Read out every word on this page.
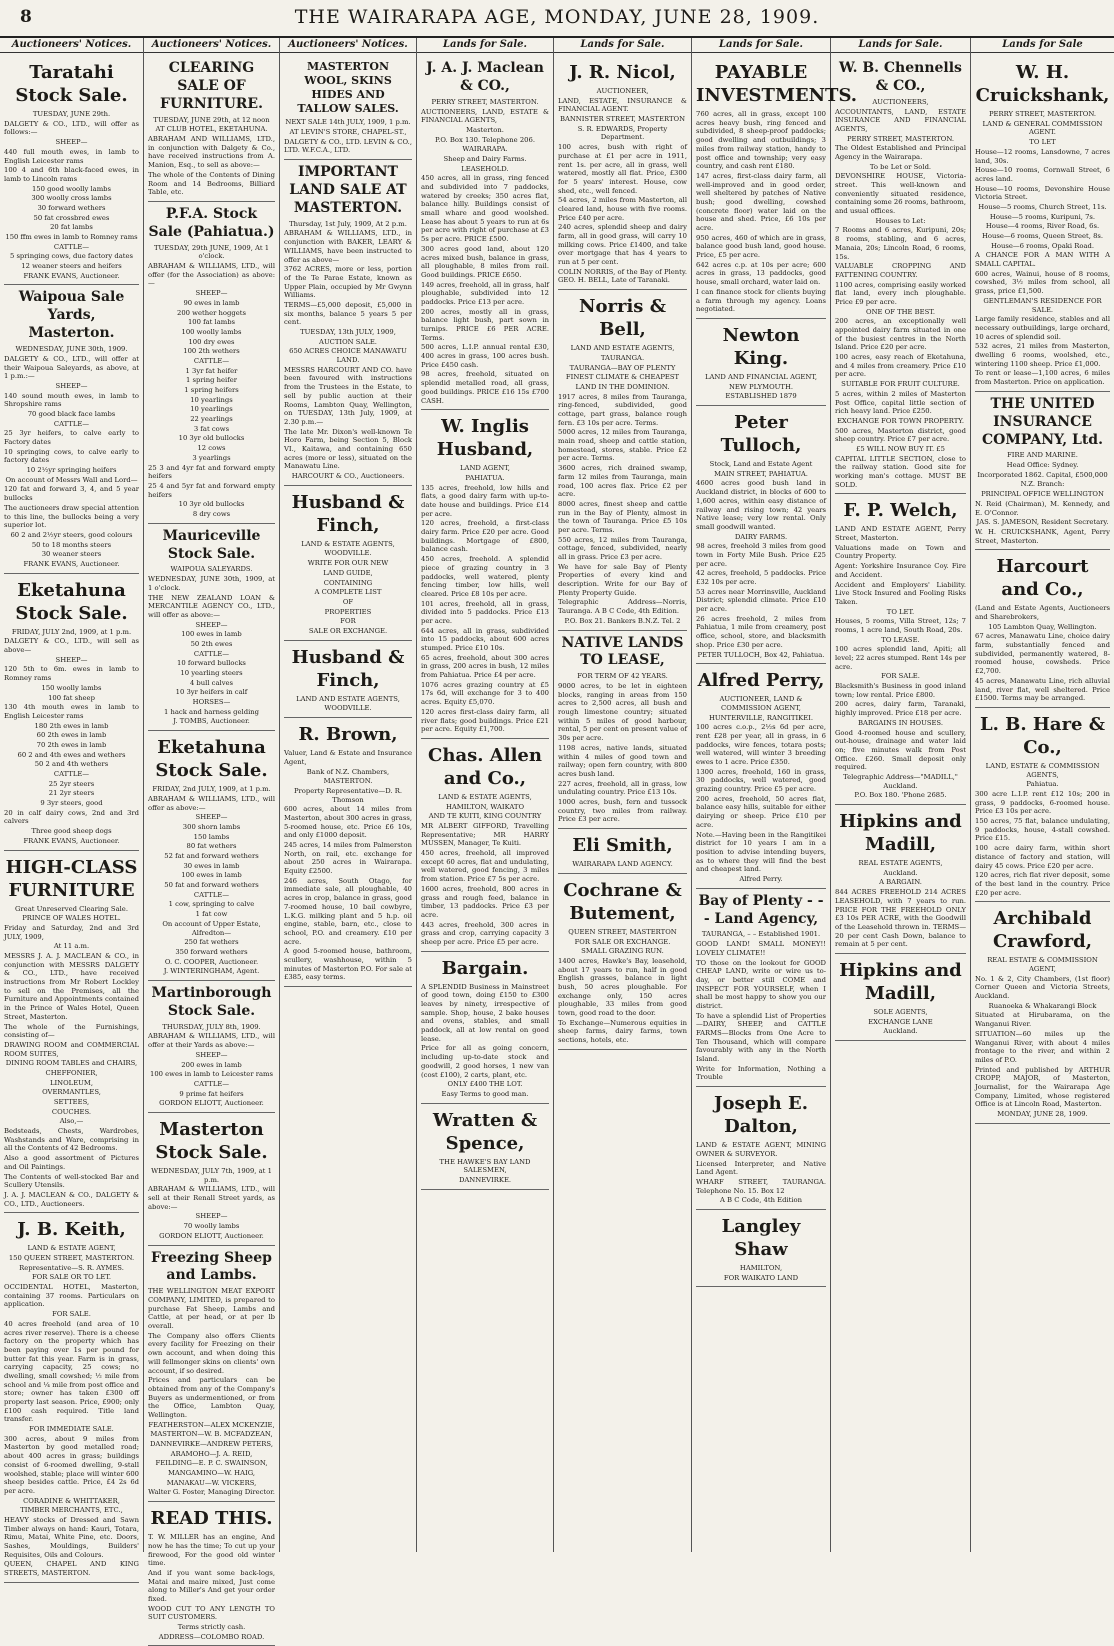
8	THE WAIRARAPA AGE, MONDAY, JUNE 28, 1909.
Auctioneers' Notices.
Taratahi Stock Sale.

TUESDAY, JUNE 29th.

DALGETY & CO., LTD., will offer as follows:—

SHEEP—

440 full mouth ewes, in lamb to English Leicester rams

100 4 and 6th black-faced ewes, in lamb to Lincoln rams

150 good woolly lambs

300 woolly cross lambs

30 forward wethers

50 fat crossbred ewes

20 fat lambs

150 ffm ewes in lamb to Romney rams

CATTLE—

5 springing cows, due factory dates

12 weaner steers and heifers

FRANK EVANS, Auctioneer.

Waipoua Sale Yards, Masterton.

WEDNESDAY, JUNE 30th, 1909.

DALGETY & CO., LTD., will offer at their Waipoua Saleyards, as above, at 1 p.m.:—

SHEEP—

140 sound mouth ewes, in lamb to Shropshire rams

70 good black face lambs

CATTLE—

25 3yr heifers, to calve early to Factory dates

10 springing cows, to calve early to factory dates

10 2½yr springing heifers

On account of Messrs Wall and Lord—

120 fat and forward 3, 4, and 5 year bullocks

The auctioneers draw special attention to this line, the bullocks being a very superior lot.

60 2 and 2½yr steers, good colours

50 to 18 months steers

30 weaner steers

FRANK EVANS, Auctioneer.

Eketahuna Stock Sale.

FRIDAY, JULY 2nd, 1909, at 1 p.m.

DALGETY & CO., LTD., will sell as above—

SHEEP—

120 5th to 6m. ewes in lamb to Romney rams

150 woolly lambs

100 fat sheep

130 4th mouth ewes in lamb to English Leicester rams

180 2th ewes in lamb

60 2th ewes in lamb

70 2th ewes in lamb

60 2 and 4th ewes and wethers

50 2 and 4th wethers

CATTLE—

25 2yr steers

21 2yr steers

9 3yr steers, good

20 in calf dairy cows, 2nd and 3rd calvers

Three good sheep dogs

FRANK EVANS, Auctioneer.

HIGH-CLASS FURNITURE

Great Unreserved Clearing Sale.

PRINCE OF WALES HOTEL.

Friday and Saturday, 2nd and 3rd JULY, 1909,

At 11 a.m.

MESSRS J. A. J. MACLEAN & CO., in conjunction with MESSRS DALGETY & CO., LTD., have received instructions from Mr Robert Lockley to sell on the Premises, all the Furniture and Appointments contained in the Prince of Wales Hotel, Queen Street, Masterton.

The whole of the Furnishings, consisting of—

DRAWING ROOM and COMMERCIAL ROOM SUITES,

DINING ROOM TABLES and CHAIRS,

CHEFFONIER,

LINOLEUM,

OVERMANTLES,

SETTEES,

COUCHES.

Also,—

Bedsteads, Chests, Wardrobes, Washstands and Ware, comprising in all the Contents of 42 Bedrooms.

Also a good assortment of Pictures and Oil Paintings.

The Contents of well-stocked Bar and Scullery Utensils.

J. A. J. MACLEAN & CO., DALGETY & CO., LTD., Auctioneers.

J. B. Keith,

LAND & ESTATE AGENT,

150 QUEEN STREET, MASTERTON.

Representative—S. R. AYMES.

FOR SALE OR TO LET.

OCCIDENTAL HOTEL, Masterton, containing 37 rooms. Particulars on application.

FOR SALE.

40 acres freehold (and area of 10 acres river reserve). There is a cheese factory on the property which has been paying over 1s per pound for butter fat this year. Farm is in grass, carrying capacity, 25 cows; no dwelling, small cowshed; ½ mile from school and ¼ mile from post office and store; owner has taken £300 off property last season. Price, £900; only £100 cash required. Title land transfer.

FOR IMMEDIATE SALE.

300 acres, about 9 miles from Masterton by good metalled road; about 400 acres in grass; buildings consist of 6-roomed dwelling, 9-stall woolshed, stable; place will winter 600 sheep besides cattle. Price, £4 2s 6d per acre.

CORADINE & WHITTAKER,

TIMBER MERCHANTS, ETC.,

HEAVY stocks of Dressed and Sawn Timber always on hand: Kauri, Totara, Rimu, Matai, White Pine, etc. Doors, Sashes, Mouldings, Builders' Requisites, Oils and Colours.

QUEEN, CHAPEL AND KING STREETS, MASTERTON.

Auctioneers' Notices.
CLEARING SALE OF FURNITURE.

TUESDAY, JUNE 29th, at 12 noon

AT CLUB HOTEL, EKETAHUNA.

ABRAHAM AND WILLIAMS, LTD., in conjunction with Dalgety & Co., have received instructions from A. Manion, Esq., to sell as above:—

The whole of the Contents of Dining Room and 14 Bedrooms, Billiard Table, etc.

P.F.A. Stock Sale (Pahiatua.)

TUESDAY, 29th JUNE, 1909, At 1 o'clock.

ABRAHAM & WILLIAMS, LTD., will offer (for the Association) as above:—

SHEEP—

90 ewes in lamb

200 wether hoggets

100 fat lambs

100 woolly lambs

100 dry ewes

100 2th wethers

CATTLE—

1 3yr fat heifer

1 spring heifer

1 spring heifers

10 yearlings

10 yearlings

22 yearlings

3 fat cows

10 3yr old bullocks

12 cows

3 yearlings

25 3 and 4yr fat and forward empty heifers

25 4 and 5yr fat and forward empty heifers

10 3yr old bullocks

8 dry cows

Mauriceville Stock Sale.

WAIPOUA SALEYARDS.

WEDNESDAY, JUNE 30th, 1909, at 1 o'clock.

THE NEW ZEALAND LOAN & MERCANTILE AGENCY CO., LTD., will offer as above:—

SHEEP—

100 ewes in lamb

50 2th ewes

CATTLE—

10 forward bullocks

10 yearling steers

4 bull calves

10 3yr heifers in calf

HORSES—

1 hack and harness gelding

J. TOMBS, Auctioneer.

Eketahuna Stock Sale.

FRIDAY, 2nd JULY, 1909, at 1 p.m.

ABRAHAM & WILLIAMS, LTD., will offer as above:—

SHEEP—

300 shorn lambs

150 lambs

80 fat wethers

52 fat and forward wethers

30 ewes in lamb

100 ewes in lamb

50 fat and forward wethers

CATTLE—

1 cow, springing to calve

1 fat cow

On account of Upper Estate, Alfredton—

250 fat wethers

350 forward wethers

O. C. COOPER, Auctioneer.

J. WINTERINGHAM, Agent.

Martinborough Stock Sale.

THURSDAY, JULY 8th, 1909.

ABRAHAM & WILLIAMS, LTD., will offer at their Yards as above:—

SHEEP—

200 ewes in lamb

100 ewes in lamb to Leicester rams

CATTLE—

9 prime fat heifers

GORDON ELIOTT, Auctioneer.

Masterton Stock Sale.

WEDNESDAY, JULY 7th, 1909, at 1 p.m.

ABRAHAM & WILLIAMS, LTD., will sell at their Renall Street yards, as above:—

SHEEP—

70 woolly lambs

GORDON ELIOTT, Auctioneer.

Freezing Sheep and Lambs.

THE WELLINGTON MEAT EXPORT COMPANY, LIMITED, is prepared to purchase Fat Sheep, Lambs and Cattle, at per head, or at per lb overall.

The Company also offers Clients every facility for Freezing on their own account, and when doing this will fellmonger skins on clients' own account, if so desired.

Prices and particulars can be obtained from any of the Company's Buyers as undermentioned, or from the Office, Lambton Quay, Wellington.

FEATHERSTON—ALEX MCKENZIE,

MASTERTON—W. B. MCFADZEAN,

DANNEVIRKE—ANDREW PETERS,

ARAMOHO—J. A. REID,

FEILDING—E. P. C. SWAINSON,

MANGAMINO—W. HAIG,

MANAKAU—W. VICKERS,

Walter G. Foster, Managing Director.

READ THIS.

T. W. MILLER has an engine, And now he has the time; To cut up your firewood, For the good old winter time.

And if you want some back-logs, Matai and maire mixed, Just come along to Miller's And get your order fixed.

WOOD CUT TO ANY LENGTH TO SUIT CUSTOMERS.

Terms strictly cash.

ADDRESS—COLOMBO ROAD.

Auctioneers' Notices.
MASTERTON WOOL, SKINS HIDES AND TALLOW SALES.

NEXT SALE 14th JULY, 1909, 1 p.m.

AT LEVIN'S STORE, CHAPEL-ST.,

DALGETY & CO., LTD. LEVIN & CO., LTD. W.F.C.A., LTD.

IMPORTANT LAND SALE AT MASTERTON.

Thursday, 1st July, 1909, At 2 p.m.

ABRAHAM & WILLIAMS, LTD., in conjunction with BAKER, LEARY & WILLIAMS, have been instructed to offer as above—

3762 ACRES, more or less, portion of the Te Parae Estate, known as Upper Plain, occupied by Mr Gwynn Williams.

TERMS—£5,000 deposit, £5,000 in six months, balance 5 years 5 per cent.

TUESDAY, 13th JULY, 1909,

AUCTION SALE.

650 ACRES CHOICE MANAWATU LAND.

MESSRS HARCOURT AND CO. have been favoured with instructions from the Trustees in the Estate, to sell by public auction at their Rooms, Lambton Quay, Wellington, on TUESDAY, 13th July, 1909, at 2.30 p.m.—

The late Mr. Dixon's well-known Te Horo Farm, being Section 5, Block VI., Kaitawa, and containing 650 acres (more or less), situated on the Manawatu Line.

HARCOURT & CO., Auctioneers.

Husband & Finch,

LAND & ESTATE AGENTS,

WOODVILLE.

WRITE FOR OUR NEW

LAND GUIDE,

CONTAINING

A COMPLETE LIST

OF

PROPERTIES

FOR

SALE OR EXCHANGE.

Husband & Finch,

LAND AND ESTATE AGENTS,

WOODVILLE.

R. Brown,

Valuer, Land & Estate and Insurance Agent,

Bank of N.Z. Chambers,

MASTERTON.

Property Representative—D. R. Thomson

600 acres, about 14 miles from Masterton, about 300 acres in grass, 5-roomed house, etc. Price £6 10s, and only £1000 deposit.

245 acres, 14 miles from Palmerston North, on rail, etc. exchange for about 250 acres in Wairarapa. Equity £2500.

246 acres, South Otago, for immediate sale, all ploughable, 40 acres in crop, balance in grass, good 7-roomed house, 10 bail cowbyre, L.K.G. milking plant and 5 h.p. oil engine, stable, barn, etc., close to school, P.O. and creamery. £10 per acre.

A good 5-roomed house, bathroom, scullery, washhouse, within 5 minutes of Masterton P.O. For sale at £385, easy terms.

Lands for Sale.
J. A. J. Maclean & CO.,

PERRY STREET, MASTERTON.

AUCTIONEERS, LAND, ESTATE & FINANCIAL AGENTS,

Masterton.

P.O. Box 130. Telephone 206.

WAIRARAPA.

Sheep and Dairy Farms.

LEASEHOLD.

450 acres, all in grass, ring fenced and subdivided into 7 paddocks, watered by creeks; 350 acres flat, balance hilly. Buildings consist of small whare and good woolshed. Lease has about 5 years to run at 6s per acre with right of purchase at £3 5s per acre. PRICE £500.

300 acres good land, about 120 acres mixed bush, balance in grass, all ploughable, 8 miles from rail. Good buildings. PRICE £650.

149 acres, freehold, all in grass, half ploughable, subdivided into 12 paddocks. Price £13 per acre.

200 acres, mostly all in grass, balance light bush, part sown in turnips. PRICE £6 PER ACRE. Terms.

500 acres, L.I.P. annual rental £30, 400 acres in grass, 100 acres bush. Price £450 cash.

98 acres, freehold, situated on splendid metalled road, all grass, good buildings. PRICE £16 15s £700 CASH.

W. Inglis Husband,

LAND AGENT,

PAHIATUA.

135 acres, freehold, low hills and flats, a good dairy farm with up-to-date house and buildings. Price £14 per acre.

120 acres, freehold, a first-class dairy farm. Price £20 per acre. Good buildings. Mortgage of £800, balance cash.

450 acres, freehold. A splendid piece of grazing country in 3 paddocks, well watered, plenty fencing timber, low hills, well cleared. Price £8 10s per acre.

101 acres, freehold, all in grass, divided into 5 paddocks. Price £13 per acre.

644 acres, all in grass, subdivided into 15 paddocks, about 600 acres stumped. Price £10 10s.

65 acres, freehold, about 300 acres in grass, 200 acres in bush, 12 miles from Pahiatua. Price £4 per acre.

1076 acres grazing country at £5 17s 6d, will exchange for 3 to 400 acres. Equity £5,070.

120 acres first-class dairy farm, all river flats; good buildings. Price £21 per acre. Equity £1,700.

Chas. Allen and Co.,

LAND & ESTATE AGENTS,

HAMILTON, WAIKATO

AND TE KUITI, KING COUNTRY

MR ALBERT GIFFORD, Travelling Representative; MR HARRY MUSSEN, Manager, Te Kuiti.

450 acres, freehold, all improved except 60 acres, flat and undulating, well watered, good fencing, 3 miles from station. Price £7 5s per acre.

1600 acres, freehold, 800 acres in grass and rough feed, balance in timber, 13 paddocks. Price £3 per acre.

443 acres, freehold, 300 acres in grass and crop, carrying capacity 3 sheep per acre. Price £5 per acre.

Bargain.

A SPLENDID Business in Mainstreet of good town, doing £150 to £300 leaves by ninety, irrespective of sample. Shop, house, 2 bake houses and ovens, stables, and small paddock, all at low rental on good lease.

Price for all as going concern, including up-to-date stock and goodwill, 2 good horses, 1 new van (cost £100), 2 carts, plant, etc.

ONLY £400 THE LOT.

Easy Terms to good man.

Wratten & Spence,

THE HAWKE'S BAY LAND SALESMEN,

DANNEVIRKE.

Lands for Sale.
J. R. Nicol,

AUCTIONEER,

LAND, ESTATE, INSURANCE & FINANCIAL AGENT.

BANNISTER STREET, MASTERTON

S. R. EDWARDS, Property Department.

100 acres, bush with right of purchase at £1 per acre in 1911, rent 1s. per acre, all in grass, well watered, mostly all flat. Price, £300 for 5 years' interest. House, cow shed, etc., well fenced.

54 acres, 2 miles from Masterton, all cleared land, house with five rooms. Price £40 per acre.

240 acres, splendid sheep and dairy farm, all in good grass, will carry 10 milking cows. Price £1400, and take over mortgage that has 4 years to run at 5 per cent.

COLIN NORRIS, of the Bay of Plenty. GEO. H. BELL, Late of Taranaki.

Norris & Bell,

LAND AND ESTATE AGENTS,

TAURANGA.

TAURANGA—BAY OF PLENTY

FINEST CLIMATE & CHEAPEST

LAND IN THE DOMINION.

1917 acres, 8 miles from Tauranga, ring-fenced, subdivided, good cottage, part grass, balance rough fern. £3 10s per acre. Terms.

5000 acres, 12 miles from Tauranga, main road, sheep and cattle station, homestead, stores, stable. Price £2 per acre. Terms.

3600 acres, rich drained swamp, farm 12 miles from Tauranga, main road, 100 acres flax. Price £2 per acre.

8000 acres, finest sheep and cattle run in the Bay of Plenty, almost in the town of Tauranga. Price £5 10s per acre. Terms.

550 acres, 12 miles from Tauranga, cottage, fenced, subdivided, nearly all in grass. Price £3 per acre.

We have for sale Bay of Plenty Properties of every kind and description. Write for our Bay of Plenty Property Guide.

Telegraphic Address—Norris, Tauranga. A B C Code, 4th Edition.

P.O. Box 21. Bankers B.N.Z. Tel. 2

NATIVE LANDS TO LEASE,

FOR TERM OF 42 YEARS.

9000 acres, to be let in eighteen blocks, ranging in areas from 150 acres to 2,500 acres, all bush and rough limestone country; situated within 5 miles of good harbour, rental, 5 per cent on present value of 30s per acre.

1198 acres, native lands, situated within 4 miles of good town and railway; open fern country, with 800 acres bush land.

227 acres, freehold, all in grass, low undulating country. Price £13 10s.

1000 acres, bush, fern and tussock country, two miles from railway. Price £3 per acre.

Eli Smith,

WAIRARAPA LAND AGENCY.

Cochrane & Butement,

QUEEN STREET, MASTERTON

FOR SALE OR EXCHANGE.

SMALL GRAZING RUN.

1400 acres, Hawke's Bay, leasehold, about 17 years to run, half in good English grasses, balance in light bush, 50 acres ploughable. For exchange only, 150 acres ploughable, 33 miles from good town, good road to the door.

To Exchange—Numerous equities in sheep farms, dairy farms, town sections, hotels, etc.

Lands for Sale.
PAYABLE INVESTMENTS.

760 acres, all in grass, except 100 acres heavy bush, ring fenced and subdivided, 8 sheep-proof paddocks; good dwelling and outbuildings; 3 miles from railway station, handy to post office and township; very easy country, and cash rent £180.

147 acres, first-class dairy farm, all well-improved and in good order, well sheltered by patches of Native bush; good dwelling, cowshed (concrete floor) water laid on the house and shed. Price, £6 10s per acre.

950 acres, 460 of which are in grass, balance good bush land, good house. Price, £5 per acre.

642 acres c.p. at 10s per acre; 600 acres in grass, 13 paddocks, good house, small orchard, water laid on.

I can finance stock for clients buying a farm through my agency. Loans negotiated.

Newton King.

LAND AND FINANCIAL AGENT,

NEW PLYMOUTH.

ESTABLISHED 1879

Peter Tulloch,

Stock, Land and Estate Agent

MAIN STREET, PAHIATUA.

4600 acres good bush land in Auckland district, in blocks of 600 to 1,600 acres, within easy distance of railway and rising town; 42 years Native lease; very low rental. Only small goodwill wanted.

DAIRY FARMS.

98 acres, freehold 3 miles from good town in Forty Mile Bush. Price £25 per acre.

42 acres, freehold, 5 paddocks. Price £32 10s per acre.

53 acres near Morrinsville, Auckland District; splendid climate. Price £10 per acre.

26 acres freehold, 2 miles from Pahiatua, 1 mile from creamery, post office, school, store, and blacksmith shop. Price £30 per acre.

PETER TULLOCH, Box 42, Pahiatua.

Alfred Perry,

AUCTIONEER, LAND & COMMISSION AGENT,

HUNTERVILLE, RANGITIKEI.

100 acres c.o.p., 2½s 6d per acre, rent £28 per year, all in grass, in 6 paddocks, wire fences, totara posts; well watered, will winter 3 breeding ewes to 1 acre. Price £350.

1300 acres, freehold, 160 in grass, 30 paddocks, well watered, good grazing country. Price £5 per acre.

200 acres, freehold, 50 acres flat, balance easy hills, suitable for either dairying or sheep. Price £10 per acre.

Note.—Having been in the Rangitikei district for 10 years I am in a position to advise intending buyers, as to where they will find the best and cheapest land.

Alfred Perry.

Bay of Plenty - - - Land Agency,

TAURANGA, – – Established 1901.

GOOD LAND! SMALL MONEY!! LOVELY CLIMATE!!

TO those on the lookout for GOOD CHEAP LAND, write or wire us to-day, or better still COME and INSPECT FOR YOURSELF, when I shall be most happy to show you our district.

To have a splendid List of Properties—DAIRY, SHEEP, and CATTLE FARMS—Blocks from One Acre to Ten Thousand, which will compare favourably with any in the North Island.

Write for Information, Nothing a Trouble

Joseph E. Dalton,

LAND & ESTATE AGENT, MINING OWNER & SURVEYOR.

Licensed Interpreter, and Native Land Agent.

WHARF STREET, TAURANGA. Telephone No. 15. Box 12

A B C Code, 4th Edition

Langley Shaw

HAMILTON,

FOR WAIKATO LAND

Lands for Sale.
W. B. Chennells & CO.,

AUCTIONEERS,

ACCOUNTANTS, LAND, ESTATE INSURANCE AND FINANCIAL AGENTS,

PERRY STREET, MASTERTON.

The Oldest Established and Principal Agency in the Wairarapa.

To be Let or Sold.

DEVONSHIRE HOUSE, Victoria-street. This well-known and conveniently situated residence, containing some 26 rooms, bathroom, and usual offices.

Houses to Let:

7 Rooms and 6 acres, Kuripuni, 20s; 8 rooms, stabling, and 6 acres, Manaia, 20s; Lincoln Road, 6 rooms, 15s.

VALUABLE CROPPING AND FATTENING COUNTRY.

1100 acres, comprising easily worked flat land, every inch ploughable. Price £9 per acre.

ONE OF THE BEST.

200 acres, an exceptionally well appointed dairy farm situated in one of the busiest centres in the North Island. Price £20 per acre.

100 acres, easy reach of Eketahuna, and 4 miles from creamery. Price £10 per acre.

SUITABLE FOR FRUIT CULTURE.

5 acres, within 2 miles of Masterton Post Office, capital little section of rich heavy land. Price £250.

EXCHANGE FOR TOWN PROPERTY.

500 acres, Masterton district, good sheep country. Price £7 per acre.

£5 WILL NOW BUY IT. £5

CAPITAL LITTLE SECTION, close to the railway station. Good site for working man's cottage. MUST BE SOLD.

F. P. Welch,

LAND AND ESTATE AGENT, Perry Street, Masterton.

Valuations made on Town and Country Property.

Agent: Yorkshire Insurance Coy. Fire and Accident.

Accident and Employers' Liability. Live Stock Insured and Fooling Risks Taken.

TO LET.

Houses, 5 rooms, Villa Street, 12s; 7 rooms, 1 acre land, South Road, 20s.

TO LEASE.

100 acres splendid land, Apiti; all level; 22 acres stumped. Rent 14s per acre.

FOR SALE.

Blacksmith's Business in good inland town; low rental. Price £800.

200 acres, dairy farm, Taranaki, highly improved. Price £18 per acre.

BARGAINS IN HOUSES.

Good 4-roomed house and scullery, out-house, drainage and water laid on; five minutes walk from Post Office. £260. Small deposit only required.

Telegraphic Address—"MADILL," Auckland.

P.O. Box 180. 'Phone 2685.

Hipkins and Madill,

REAL ESTATE AGENTS,

Auckland.

A BARGAIN.

844 ACRES FREEHOLD 214 ACRES LEASEHOLD, with 7 years to run. PRICE FOR THE FREEHOLD ONLY £3 10s PER ACRE, with the Goodwill of the Leasehold thrown in. TERMS—20 per cent Cash Down, balance to remain at 5 per cent.

Hipkins and Madill,

SOLE AGENTS,

EXCHANGE LANE

Auckland.

Lands for Sale
W. H. Cruickshank,

PERRY STREET, MASTERTON.

LAND & GENERAL COMMISSION AGENT.

TO LET

House—12 rooms, Lansdowne, 7 acres land, 30s.

House—10 rooms, Cornwall Street, 6 acres land.

House—10 rooms, Devonshire House Victoria Street.

House—5 rooms, Church Street, 11s.

House—5 rooms, Kuripuni, 7s.

House—4 rooms, River Road, 6s.

House—6 rooms, Queen Street, 8s.

House—6 rooms, Opaki Road.

A CHANCE FOR A MAN WITH A SMALL CAPITAL.

600 acres, Wainui, house of 8 rooms, cowshed, 3½ miles from school, all grass, price £1,500.

GENTLEMAN'S RESIDENCE FOR SALE.

Large family residence, stables and all necessary outbuildings, large orchard, 10 acres of splendid soil.

532 acres, 21 miles from Masterton, dwelling 6 rooms, woolshed, etc., wintering 1100 sheep. Price £1,000.

To rent or lease—1,100 acres, 6 miles from Masterton. Price on application.

THE UNITED INSURANCE COMPANY, Ltd.

FIRE AND MARINE.

Head Office: Sydney.

Incorporated 1862. Capital, £500,000

N.Z. Branch:

PRINCIPAL OFFICE WELLINGTON

N. Reid (Chairman), M. Kennedy, and E. O'Connor.

JAS. S. JAMESON, Resident Secretary.

W. H. CRUICKSHANK, Agent, Perry Street, Masterton.

Harcourt and Co.,

(Land and Estate Agents, Auctioneers and Sharebrokers,

105 Lambton Quay, Wellington.

67 acres, Manawatu Line, choice dairy farm, substantially fenced and subdivided, permanently watered, 8-roomed house, cowsheds. Price £2,700.

45 acres, Manawatu Line, rich alluvial land, river flat, well sheltered. Price £1500. Terms may be arranged.

L. B. Hare & Co.,

LAND, ESTATE & COMMISSION AGENTS,

Pahiatua.

300 acre L.I.P. rent £12 10s; 200 in grass, 9 paddocks, 6-roomed house. Price £3 10s per acre.

150 acres, 75 flat, balance undulating, 9 paddocks, house, 4-stall cowshed. Price £15.

100 acre dairy farm, within short distance of factory and station, will dairy 45 cows. Price £20 per acre.

120 acres, rich flat river deposit, some of the best land in the country. Price £20 per acre.

Archibald Crawford,

REAL ESTATE & COMMISSION AGENT,

No. 1 & 2, City Chambers, (1st floor) Corner Queen and Victoria Streets, Auckland.

Ruanoeka & Whakarangi Block

Situated at Hirubarama, on the Wanganui River.

SITUATION—60 miles up the Wanganui River, with about 4 miles frontage to the river, and within 2 miles of P.O.

Printed and published by ARTHUR CROPP, MAJOR, of Masterton, Journalist, for the Wairarapa Age Company, Limited, whose registered Office is at Lincoln Road, Masterton.

MONDAY, JUNE 28, 1909.
